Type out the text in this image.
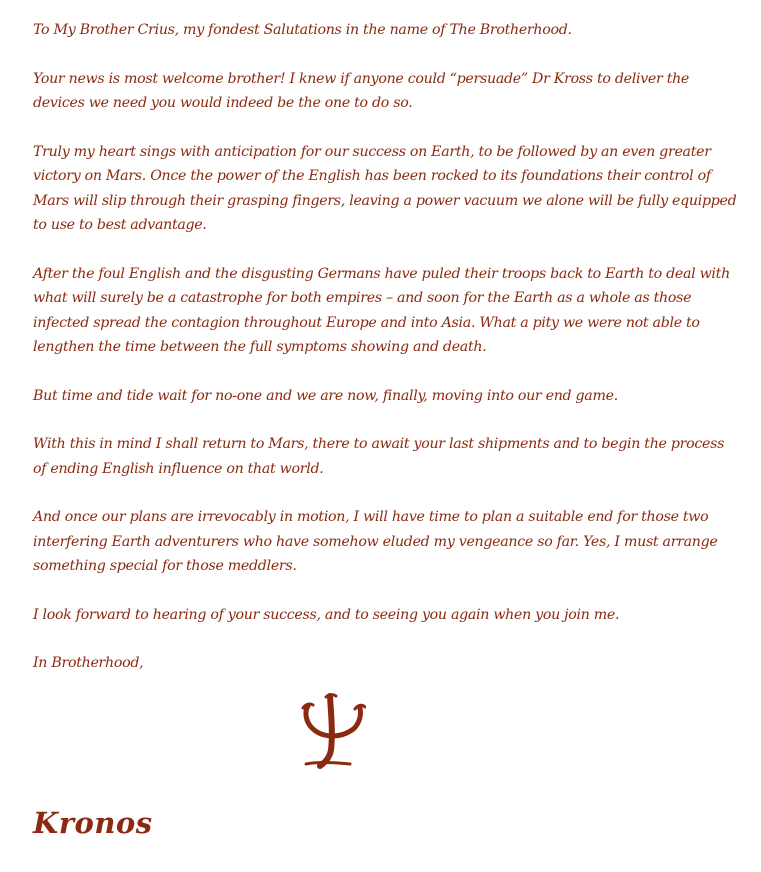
To My Brother Crius, my fondest Salutations in the name of The Brotherhood.

Your news is most welcome brother! I knew if anyone could “persuade” Dr Kross to deliver the devices we need you would indeed be the one to do so.

Truly my heart sings with anticipation for our success on Earth, to be followed by an even greater victory on Mars. Once the power of the English has been rocked to its foundations their control of Mars will slip through their grasping fingers, leaving a power vacuum we alone will be fully equipped to use to best advantage.

After the foul English and the disgusting Germans have puled their troops back to Earth to deal with what will surely be a catastrophe for both empires – and soon for the Earth as a whole as those infected spread the contagion throughout Europe and into Asia. What a pity we were not able to lengthen the time between the full symptoms showing and death.

But time and tide wait for no-one and we are now, finally, moving into our end game.

With this in mind I shall return to Mars, there to await your last shipments and to begin the process of ending English influence on that world.

And once our plans are irrevocably in motion, I will have time to plan a suitable end for those two interfering Earth adventurers who have somehow eluded my vengeance so far. Yes, I must arrange something special for those meddlers.

I look forward to hearing of your success, and to seeing you again when you join me.

In Brotherhood,

Kronos
